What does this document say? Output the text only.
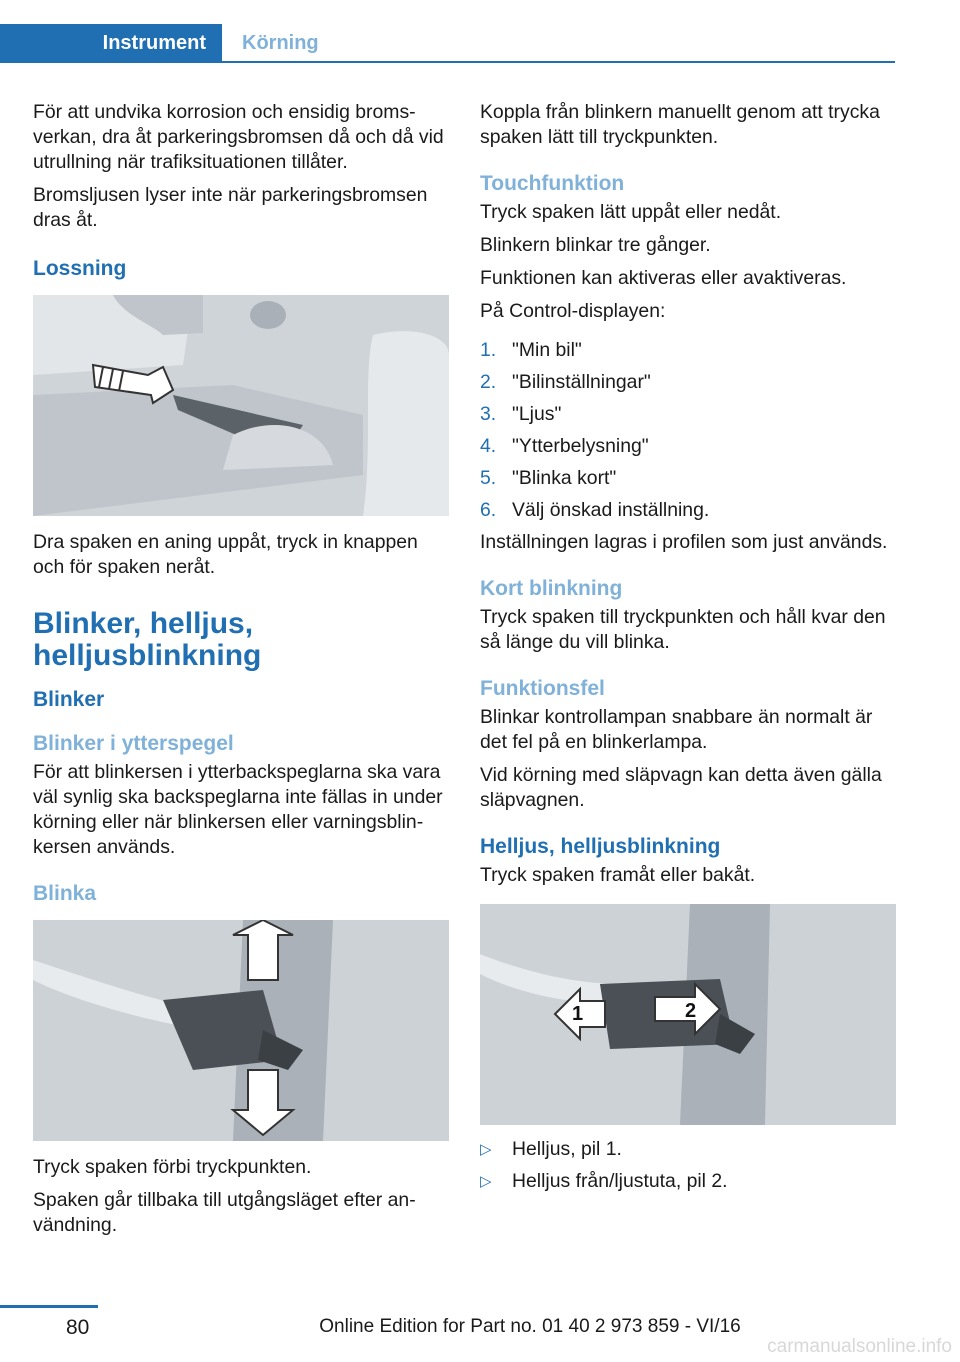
Instrument	Körning

För att undvika korrosion och ensidig broms-verkan, dra åt parkeringsbromsen då och då vid utrullning när trafiksituationen tillåter.

Bromsljusen lyser inte när parkeringsbromsen dras åt.

Lossning

Dra spaken en aning uppåt, tryck in knappen och för spaken neråt.

Blinker, helljus, helljusblinkning
Blinker
Blinker i ytterspegel

För att blinkersen i ytterbackspeglarna ska vara väl synlig ska backspeglarna inte fällas in under körning eller när blinkersen eller varningsblin-kersen används.

Blinka

Tryck spaken förbi tryckpunkten.

Spaken går tillbaka till utgångsläget efter an-vändning.

Koppla från blinkern manuellt genom att trycka spaken lätt till tryckpunkten.

Touchfunktion

Tryck spaken lätt uppåt eller nedåt.

Blinkern blinkar tre gånger.

Funktionen kan aktiveras eller avaktiveras.

På Control-displayen:

1. "Min bil"
2. "Bilinställningar"
3. "Ljus"
4. "Ytterbelysning"
5. "Blinka kort"
6. Välj önskad inställning.

Inställningen lagras i profilen som just används.

Kort blinkning

Tryck spaken till tryckpunkten och håll kvar den så länge du vill blinka.

Funktionsfel

Blinkar kontrollampan snabbare än normalt är det fel på en blinkerlampa.

Vid körning med släpvagn kan detta även gälla släpvagnen.

Helljus, helljusblinkning

Tryck spaken framåt eller bakåt.

1	2
▷	Helljus, pil 1.
▷	Helljus från/ljustuta, pil 2.
80	Online Edition for Part no. 01 40 2 973 859 - VI/16
carmanualsonline.info
